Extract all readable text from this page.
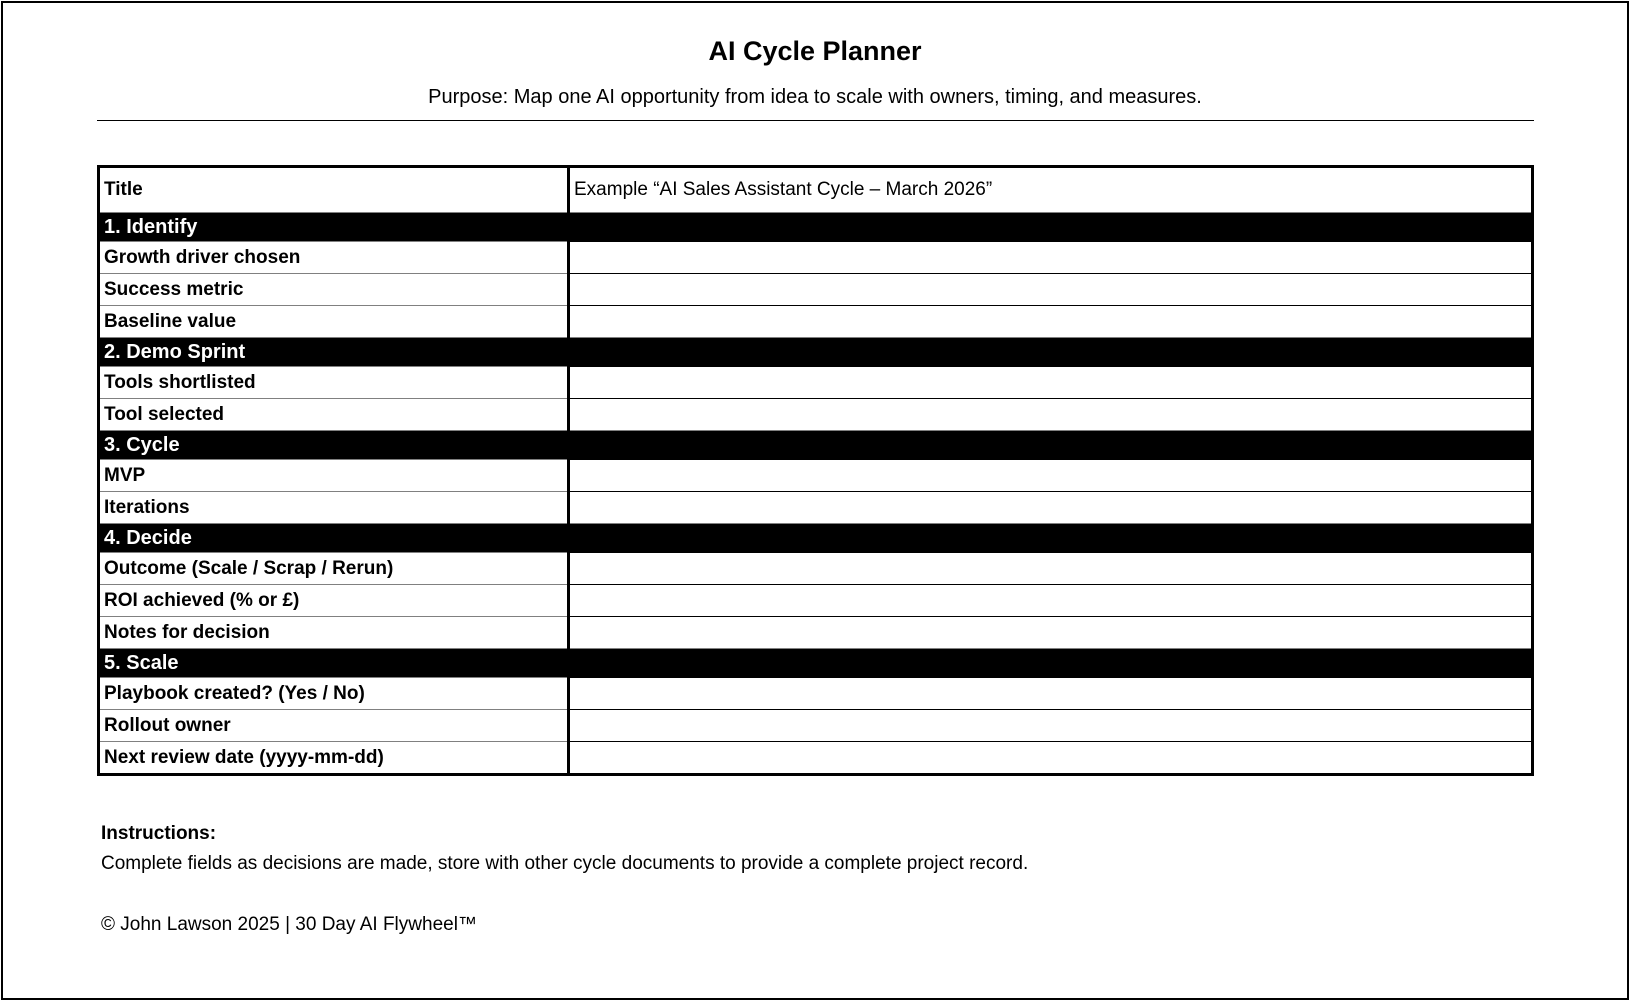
AI Cycle Planner
Purpose: Map one AI opportunity from idea to scale with owners, timing, and measures.
Title	Example “AI Sales Assistant Cycle – March 2026”
1. Identify	
Growth driver chosen	
Success metric	
Baseline value	
2. Demo Sprint	
Tools shortlisted	
Tool selected	
3. Cycle	
MVP	
Iterations	
4. Decide	
Outcome (Scale / Scrap / Rerun)	
ROI achieved (% or £)	
Notes for decision	
5. Scale	
Playbook created? (Yes / No)	
Rollout owner	
Next review date (yyyy-mm-dd)	
Instructions:
Complete fields as decisions are made, store with other cycle documents to provide a complete project record.
© John Lawson 2025 | 30 Day AI Flywheel™
